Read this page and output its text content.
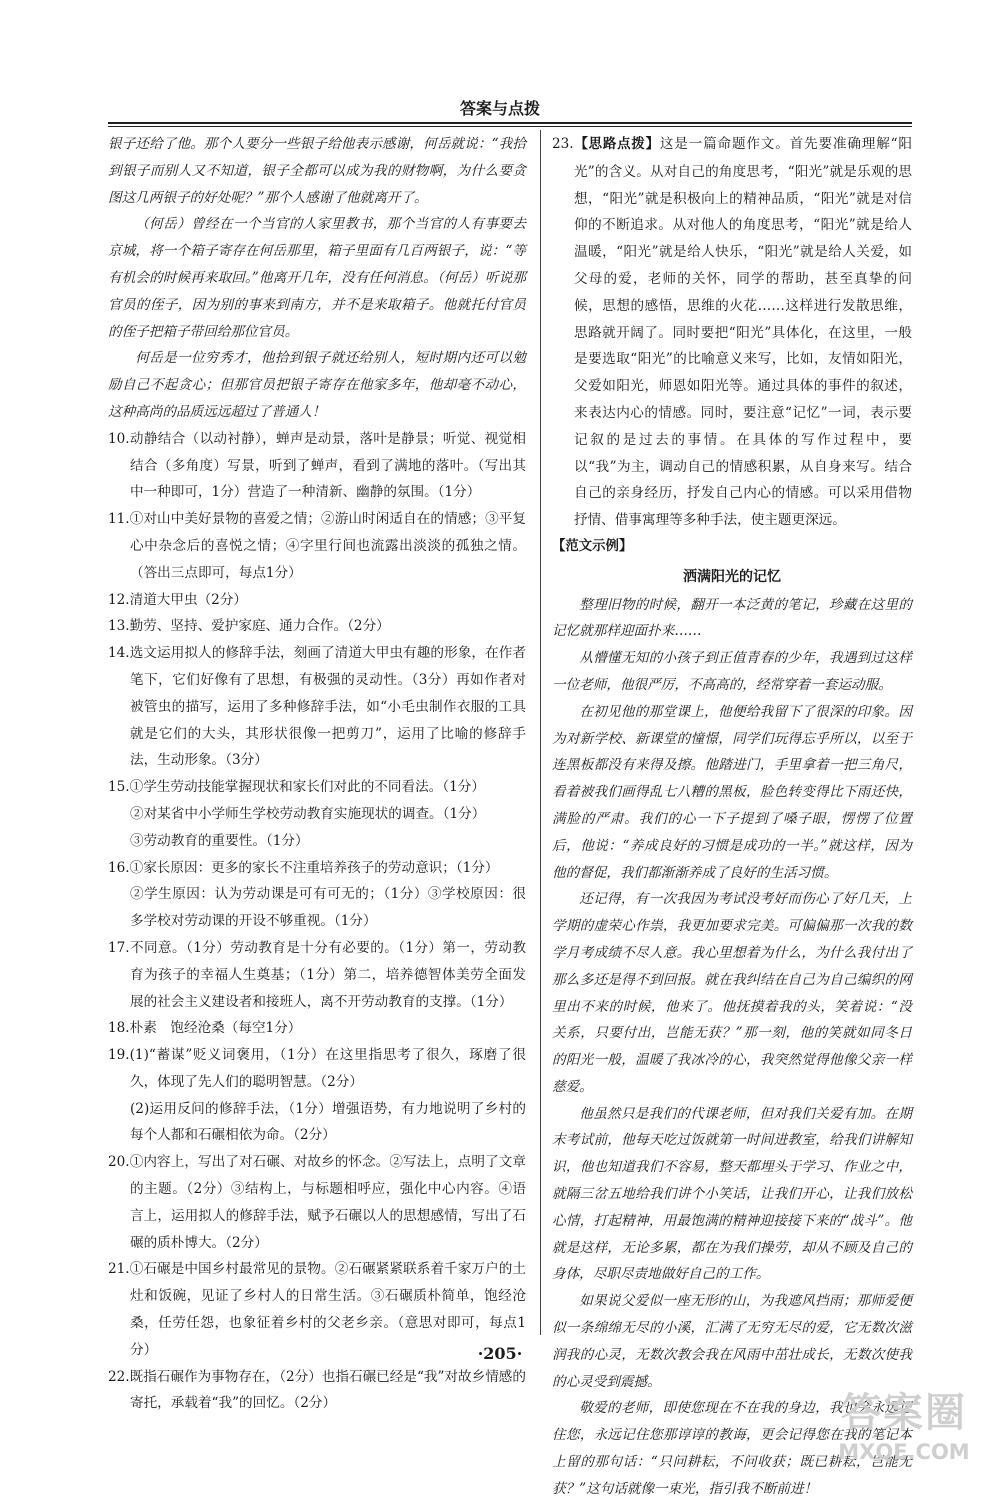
答案与点拨

银子还给了他。那个人要分一些银子给他表示感谢，何岳就说：“我拾到银子而别人又不知道，银子全都可以成为我的财物啊，为什么要贪图这几两银子的好处呢？”那个人感谢了他就离开了。

（何岳）曾经在一个当官的人家里教书，那个当官的人有事要去京城，将一个箱子寄存在何岳那里，箱子里面有几百两银子，说：“等有机会的时候再来取回。”他离开几年，没有任何消息。（何岳）听说那官员的侄子，因为别的事来到南方，并不是来取箱子。他就托付官员的侄子把箱子带回给那位官员。

何岳是一位穷秀才，他拾到银子就还给别人，短时期内还可以勉励自己不起贪心；但那官员把银子寄存在他家多年，他却毫不动心，这种高尚的品质远远超过了普通人！

10.动静结合（以动衬静），蝉声是动景，落叶是静景；听觉、视觉相结合（多角度）写景，听到了蝉声，看到了满地的落叶。（写出其中一种即可，1分）营造了一种清新、幽静的氛围。（1分）

11.①对山中美好景物的喜爱之情；②游山时闲适自在的情感；③平复心中杂念后的喜悦之情；④字里行间也流露出淡淡的孤独之情。（答出三点即可，每点1分）

12.清道大甲虫（2分）

13.勤劳、坚持、爱护家庭、通力合作。（2分）

14.选文运用拟人的修辞手法，刻画了清道大甲虫有趣的形象，在作者笔下，它们好像有了思想，有极强的灵动性。（3分）再如作者对被管虫的描写，运用了多种修辞手法，如“小毛虫制作衣服的工具就是它们的大头，其形状很像一把剪刀”，运用了比喻的修辞手法，生动形象。（3分）

15.①学生劳动技能掌握现状和家长们对此的不同看法。（1分）

②对某省中小学师生学校劳动教育实施现状的调查。（1分）

③劳动教育的重要性。（1分）

16.①家长原因：更多的家长不注重培养孩子的劳动意识；（1分）

②学生原因：认为劳动课是可有可无的；（1分）③学校原因：很多学校对劳动课的开设不够重视。（1分）

17.不同意。（1分）劳动教育是十分有必要的。（1分）第一，劳动教育为孩子的幸福人生奠基；（1分）第二，培养德智体美劳全面发展的社会主义建设者和接班人，离不开劳动教育的支撑。（1分）

18.朴素　饱经沧桑（每空1分）

19.(1)“蓄谋”贬义词褒用，（1分）在这里指思考了很久，琢磨了很久，体现了先人们的聪明智慧。（2分）

(2)运用反问的修辞手法，（1分）增强语势，有力地说明了乡村的每个人都和石碾相依为命。（2分）

20.①内容上，写出了对石碾、对故乡的怀念。②写法上，点明了文章的主题。（2分）③结构上，与标题相呼应，强化中心内容。④语言上，运用拟人的修辞手法，赋予石碾以人的思想感情，写出了石碾的质朴博大。（2分）

21.①石碾是中国乡村最常见的景物。②石碾紧紧联系着千家万户的土灶和饭碗，见证了乡村人的日常生活。③石碾质朴简单，饱经沧桑，任劳任怨，也象征着乡村的父老乡亲。（意思对即可，每点1分）

22.既指石碾作为事物存在，（2分）也指石碾已经是“我”对故乡情感的寄托，承载着“我”的回忆。（2分）

23.【思路点拨】这是一篇命题作文。首先要准确理解“阳光”的含义。从对自己的角度思考，“阳光”就是乐观的思想，“阳光”就是积极向上的精神品质，“阳光”就是对信仰的不断追求。从对他人的角度思考，“阳光”就是给人温暖，“阳光”就是给人快乐，“阳光”就是给人关爱，如父母的爱，老师的关怀，同学的帮助，甚至真挚的问候，思想的感悟，思维的火花……这样进行发散思维，思路就开阔了。同时要把“阳光”具体化，在这里，一般是要选取“阳光”的比喻意义来写，比如，友情如阳光，父爱如阳光，师恩如阳光等。通过具体的事件的叙述，来表达内心的情感。同时，要注意“记忆”一词，表示要记叙的是过去的事情。在具体的写作过程中，要以“我”为主，调动自己的情感积累，从自身来写。结合自己的亲身经历，抒发自己内心的情感。可以采用借物抒情、借事寓理等多种手法，使主题更深远。

【范文示例】

洒满阳光的记忆

整理旧物的时候，翻开一本泛黄的笔记，珍藏在这里的记忆就那样迎面扑来……

从懵懂无知的小孩子到正值青春的少年，我遇到过这样一位老师，他很严厉，不高高的，经常穿着一套运动服。

在初见他的那堂课上，他便给我留下了很深的印象。因为对新学校、新课堂的憧憬，同学们玩得忘乎所以，以至于连黑板都没有来得及擦。他踏进门，手里拿着一把三角尺，看着被我们画得乱七八糟的黑板，脸色转变得比下雨还快，满脸的严肃。我们的心一下子提到了嗓子眼，愣愣了位置后，他说：“养成良好的习惯是成功的一半。”就这样，因为他的督促，我们都渐渐养成了良好的生活习惯。

还记得，有一次我因为考试没考好而伤心了好几天，上学期的虚荣心作祟，我更加要求完美。可偏偏那一次我的数学月考成绩不尽人意。我心里想着为什么，为什么我付出了那么多还是得不到回报。就在我纠结在自己为自己编织的网里出不来的时候，他来了。他抚摸着我的头，笑着说：“没关系，只要付出，岂能无获？”那一刻，他的笑就如同冬日的阳光一般，温暖了我冰冷的心，我突然觉得他像父亲一样慈爱。

他虽然只是我们的代课老师，但对我们关爱有加。在期末考试前，他每天吃过饭就第一时间进教室，给我们讲解知识，他也知道我们不容易，整天都埋头于学习、作业之中，就隔三岔五地给我们讲个小笑话，让我们开心，让我们放松心情，打起精神，用最饱满的精神迎接接下来的“战斗”。他就是这样，无论多累，都在为我们操劳，却从不顾及自己的身体，尽职尽责地做好自己的工作。

如果说父爱似一座无形的山，为我遮风挡雨；那师爱便似一条绵绵无尽的小溪，汇满了无穷无尽的爱，它无数次滋润我的心灵，无数次教会我在风雨中茁壮成长，无数次使我的心灵受到震撼。

敬爱的老师，即使您现在不在我的身边，我也会永远记住您，永远记住您那谆谆的教诲，更会记得您在我的笔记本上留的那句话：“只问耕耘，不问收获；既已耕耘，岂能无获？”这句话就像一束光，指引我不断前进！

·205·
答案圈
MXQE.COM
